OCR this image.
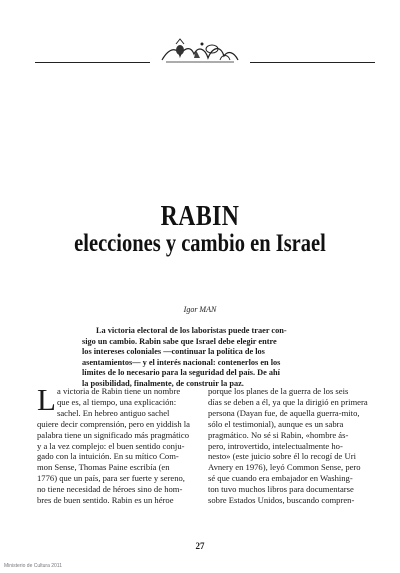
RABIN
elecciones y cambio en Israel
Igor MAN
La victoria electoral de los laboristas puede traer con-
sigo un cambio. Rabin sabe que Israel debe elegir entre
los intereses coloniales —continuar la política de los
asentamientos— y el interés nacional: contenerlos en los
límites de lo necesario para la seguridad del país. De ahí
la posibilidad, finalmente, de construir la paz.
L a victoria de Rabin tiene un nombre
que es, al tiempo, una explicación:
sachel. En hebreo antiguo sachel
quiere decir comprensión, pero en yiddish la
palabra tiene un significado más pragmático
y a la vez complejo: el buen sentido conju-
gado con la intuición. En su mítico Com-
mon Sense, Thomas Paine escribía (en
1776) que un país, para ser fuerte y sereno,
no tiene necesidad de héroes sino de hom-
bres de buen sentido. Rabin es un héroe
porque los planes de la guerra de los seis
días se deben a él, ya que la dirigió en primera
persona (Dayan fue, de aquella guerra-mito,
sólo el testimonial), aunque es un sabra
pragmático. No sé si Rabin, «hombre ás-
pero, introvertido, intelectualmente ho-
nesto» (este juicio sobre él lo recogí de Uri
Avnery en 1976), leyó Common Sense, pero
sé que cuando era embajador en Washing-
ton tuvo muchos libros para documentarse
sobre Estados Unidos, buscando compren-
27
Ministerio de Cultura 2011
